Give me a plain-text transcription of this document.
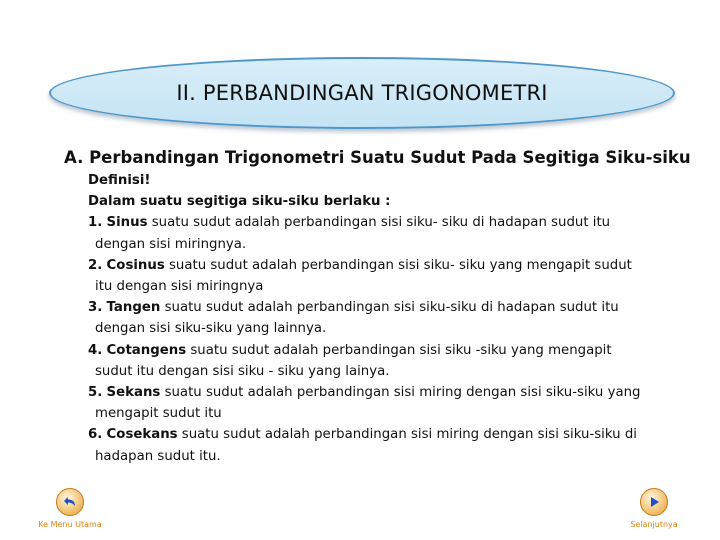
II. PERBANDINGAN TRIGONOMETRI
A. Perbandingan Trigonometri Suatu Sudut Pada Segitiga Siku-siku
Definisi!
Dalam suatu segitiga siku-siku berlaku :
1. Sinus suatu sudut adalah perbandingan sisi siku- siku di hadapan sudut itu
dengan sisi miringnya.
2. Cosinus suatu sudut adalah perbandingan sisi siku- siku yang mengapit sudut
itu dengan sisi miringnya
3. Tangen suatu sudut adalah perbandingan sisi siku-siku di hadapan sudut itu
dengan sisi siku-siku yang lainnya.
4. Cotangens suatu sudut adalah perbandingan sisi siku -siku yang mengapit
sudut itu dengan sisi siku - siku yang lainya.
5. Sekans suatu sudut adalah perbandingan sisi miring dengan sisi siku-siku yang
mengapit sudut itu
6. Cosekans suatu sudut adalah perbandingan sisi miring dengan sisi siku-siku di
hadapan sudut itu.
Ke Menu Utama	Selanjutnya
